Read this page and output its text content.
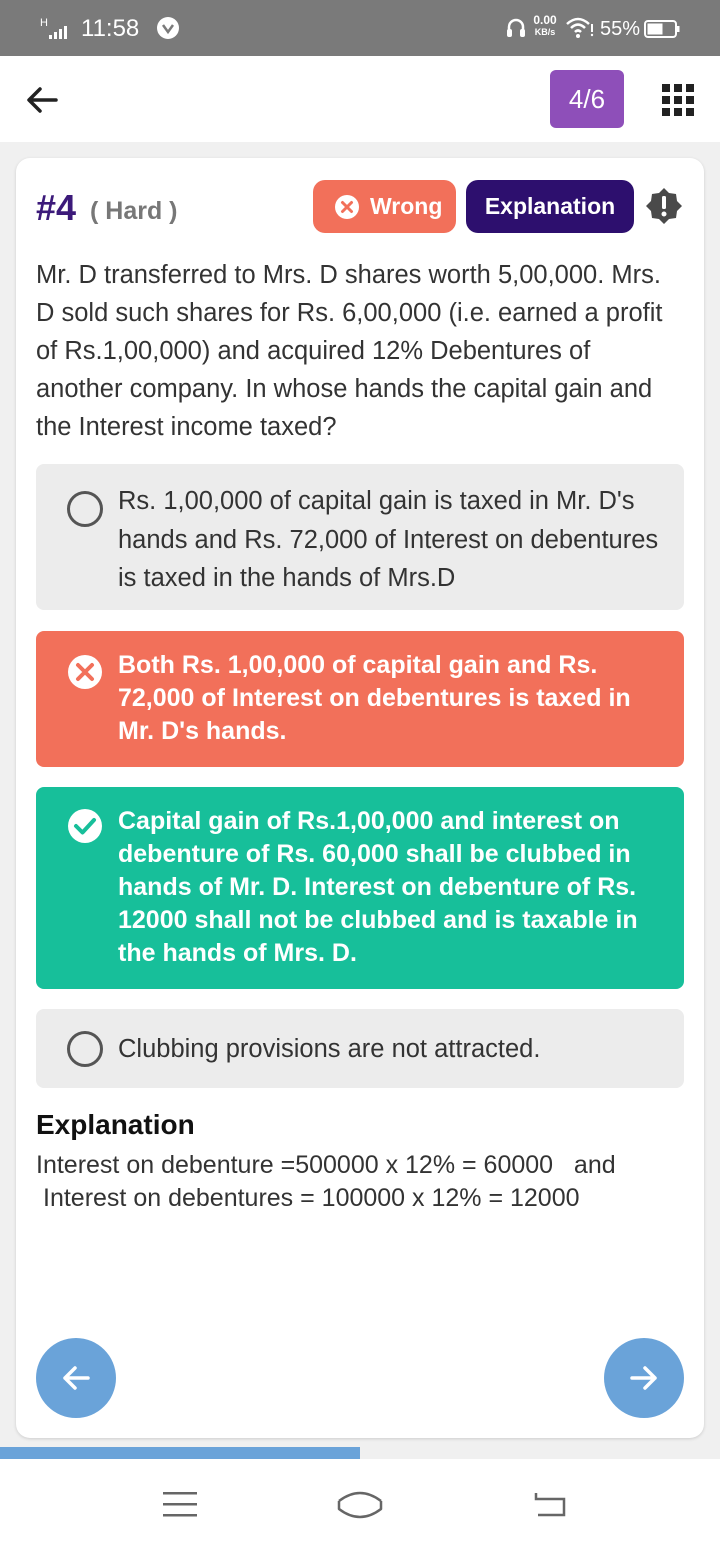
H 11:58	0.00
KB/s 55%
4/6
#4 ( Hard )	Wrong	Explanation
Mr. D transferred to Mrs. D shares worth 5,00,000. Mrs. D sold such shares for Rs. 6,00,000 (i.e. earned a profit of Rs.1,00,000) and acquired 12% Debentures of another company. In whose hands the capital gain and the Interest income taxed?
Rs. 1,00,000 of capital gain is taxed in Mr. D's hands and Rs. 72,000 of Interest on debentures is taxed in the hands of Mrs.D
Both Rs. 1,00,000 of capital gain and Rs. 72,000 of Interest on debentures is taxed in Mr. D's hands.
Capital gain of Rs.1,00,000 and interest on debenture of Rs. 60,000 shall be clubbed in hands of Mr. D. Interest on debenture of Rs. 12000 shall not be clubbed and is taxable in the hands of Mrs. D.
Clubbing provisions are not attracted.
Explanation
Interest on debenture =500000 x 12% = 60000   and
Interest on debentures = 100000 x 12% = 12000
